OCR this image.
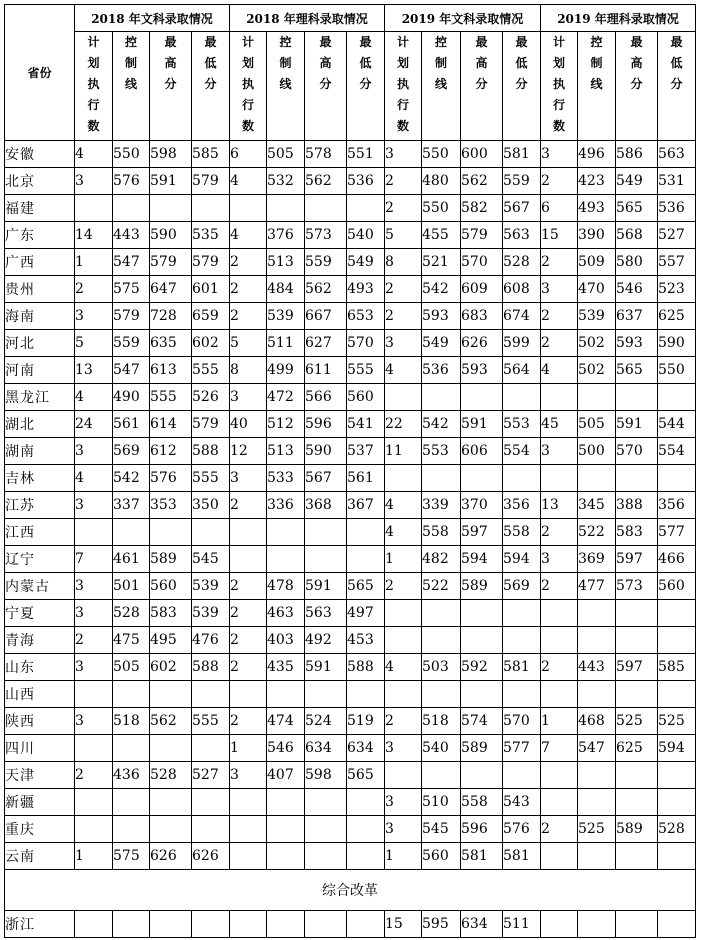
省份	2018 年文科录取情况				2018 年理科录取情况				2019 年文科录取情况				2019 年理科录取情况			
	计划执行数	控制线	最高分	最低分	计划执行数	控制线	最高分	最低分	计划执行数	控制线	最高分	最低分	计划执行数	控制线	最高分	最低分
安徽	4	550	598	585	6	505	578	551	3	550	600	581	3	496	586	563
北京	3	576	591	579	4	532	562	536	2	480	562	559	2	423	549	531
福建									2	550	582	567	6	493	565	536
广东	14	443	590	535	4	376	573	540	5	455	579	563	15	390	568	527
广西	1	547	579	579	2	513	559	549	8	521	570	528	2	509	580	557
贵州	2	575	647	601	2	484	562	493	2	542	609	608	3	470	546	523
海南	3	579	728	659	2	539	667	653	2	593	683	674	2	539	637	625
河北	5	559	635	602	5	511	627	570	3	549	626	599	2	502	593	590
河南	13	547	613	555	8	499	611	555	4	536	593	564	4	502	565	550
黑龙江	4	490	555	526	3	472	566	560								
湖北	24	561	614	579	40	512	596	541	22	542	591	553	45	505	591	544
湖南	3	569	612	588	12	513	590	537	11	553	606	554	3	500	570	554
吉林	4	542	576	555	3	533	567	561								
江苏	3	337	353	350	2	336	368	367	4	339	370	356	13	345	388	356
江西									4	558	597	558	2	522	583	577
辽宁	7	461	589	545					1	482	594	594	3	369	597	466
内蒙古	3	501	560	539	2	478	591	565	2	522	589	569	2	477	573	560
宁夏	3	528	583	539	2	463	563	497								
青海	2	475	495	476	2	403	492	453								
山东	3	505	602	588	2	435	591	588	4	503	592	581	2	443	597	585
山西																
陕西	3	518	562	555	2	474	524	519	2	518	574	570	1	468	525	525
四川					1	546	634	634	3	540	589	577	7	547	625	594
天津	2	436	528	527	3	407	598	565								
新疆									3	510	558	543				
重庆									3	545	596	576	2	525	589	528
云南	1	575	626	626					1	560	581	581				
综合改革																
浙江									15	595	634	511				
